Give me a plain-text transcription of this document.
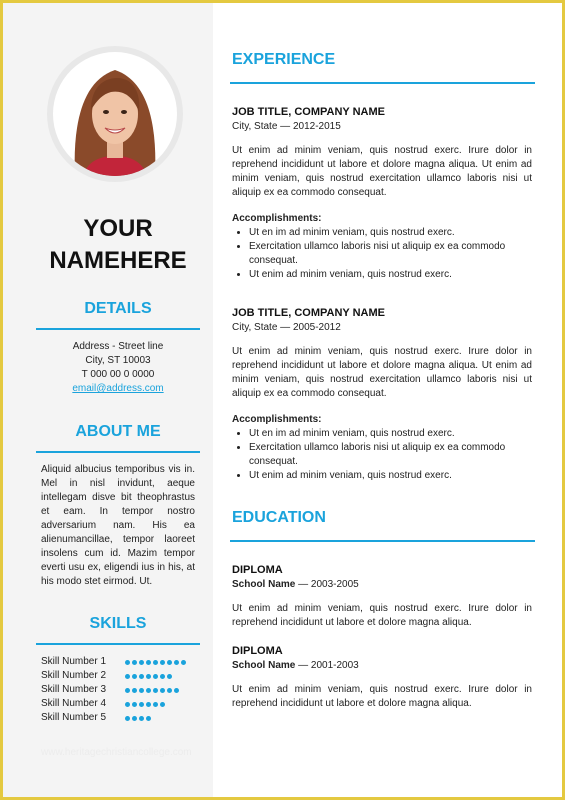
YOUR
NAMEHERE
DETAILS
Address - Street line
City, ST 10003
T 000 00 0 0000
email@address.com
ABOUT ME
Aliquid albucius temporibus vis in. Mel in nisl invidunt, aeque intellegam disve bit theophrastus et eam. In tempor nostro adversarium nam. His ea alienumancillae, tempor laoreet insolens cum id. Mazim tempor everti usu ex, eligendi ius in his, at his modo stet eirmod. Ut.
SKILLS
Skill Number 1
Skill Number 2
Skill Number 3
Skill Number 4
Skill Number 5
www.heritagechristiancollege.com
EXPERIENCE
JOB TITLE, COMPANY NAME
City, State — 2012-2015
Ut enim ad minim veniam, quis nostrud exerc. Irure dolor in reprehend incididunt ut labore et dolore magna aliqua. Ut enim ad minim veniam, quis nostrud exercitation ullamco laboris nisi ut aliquip ex ea commodo consequat.
Accomplishments:
• Ut en im ad minim veniam, quis nostrud exerc.
• Exercitation ullamco laboris nisi ut aliquip ex ea commodo consequat.
• Ut enim ad minim veniam, quis nostrud exerc.
JOB TITLE, COMPANY NAME
City, State — 2005-2012
Ut enim ad minim veniam, quis nostrud exerc. Irure dolor in reprehend incididunt ut labore et dolore magna aliqua. Ut enim ad minim veniam, quis nostrud exercitation ullamco laboris nisi ut aliquip ex ea commodo consequat.
Accomplishments:
• Ut en im ad minim veniam, quis nostrud exerc.
• Exercitation ullamco laboris nisi ut aliquip ex ea commodo consequat.
• Ut enim ad minim veniam, quis nostrud exerc.
EDUCATION
DIPLOMA
School Name — 2003-2005
Ut enim ad minim veniam, quis nostrud exerc. Irure dolor in reprehend incididunt ut labore et dolore magna aliqua.
DIPLOMA
School Name — 2001-2003
Ut enim ad minim veniam, quis nostrud exerc. Irure dolor in reprehend incididunt ut labore et dolore magna aliqua.
